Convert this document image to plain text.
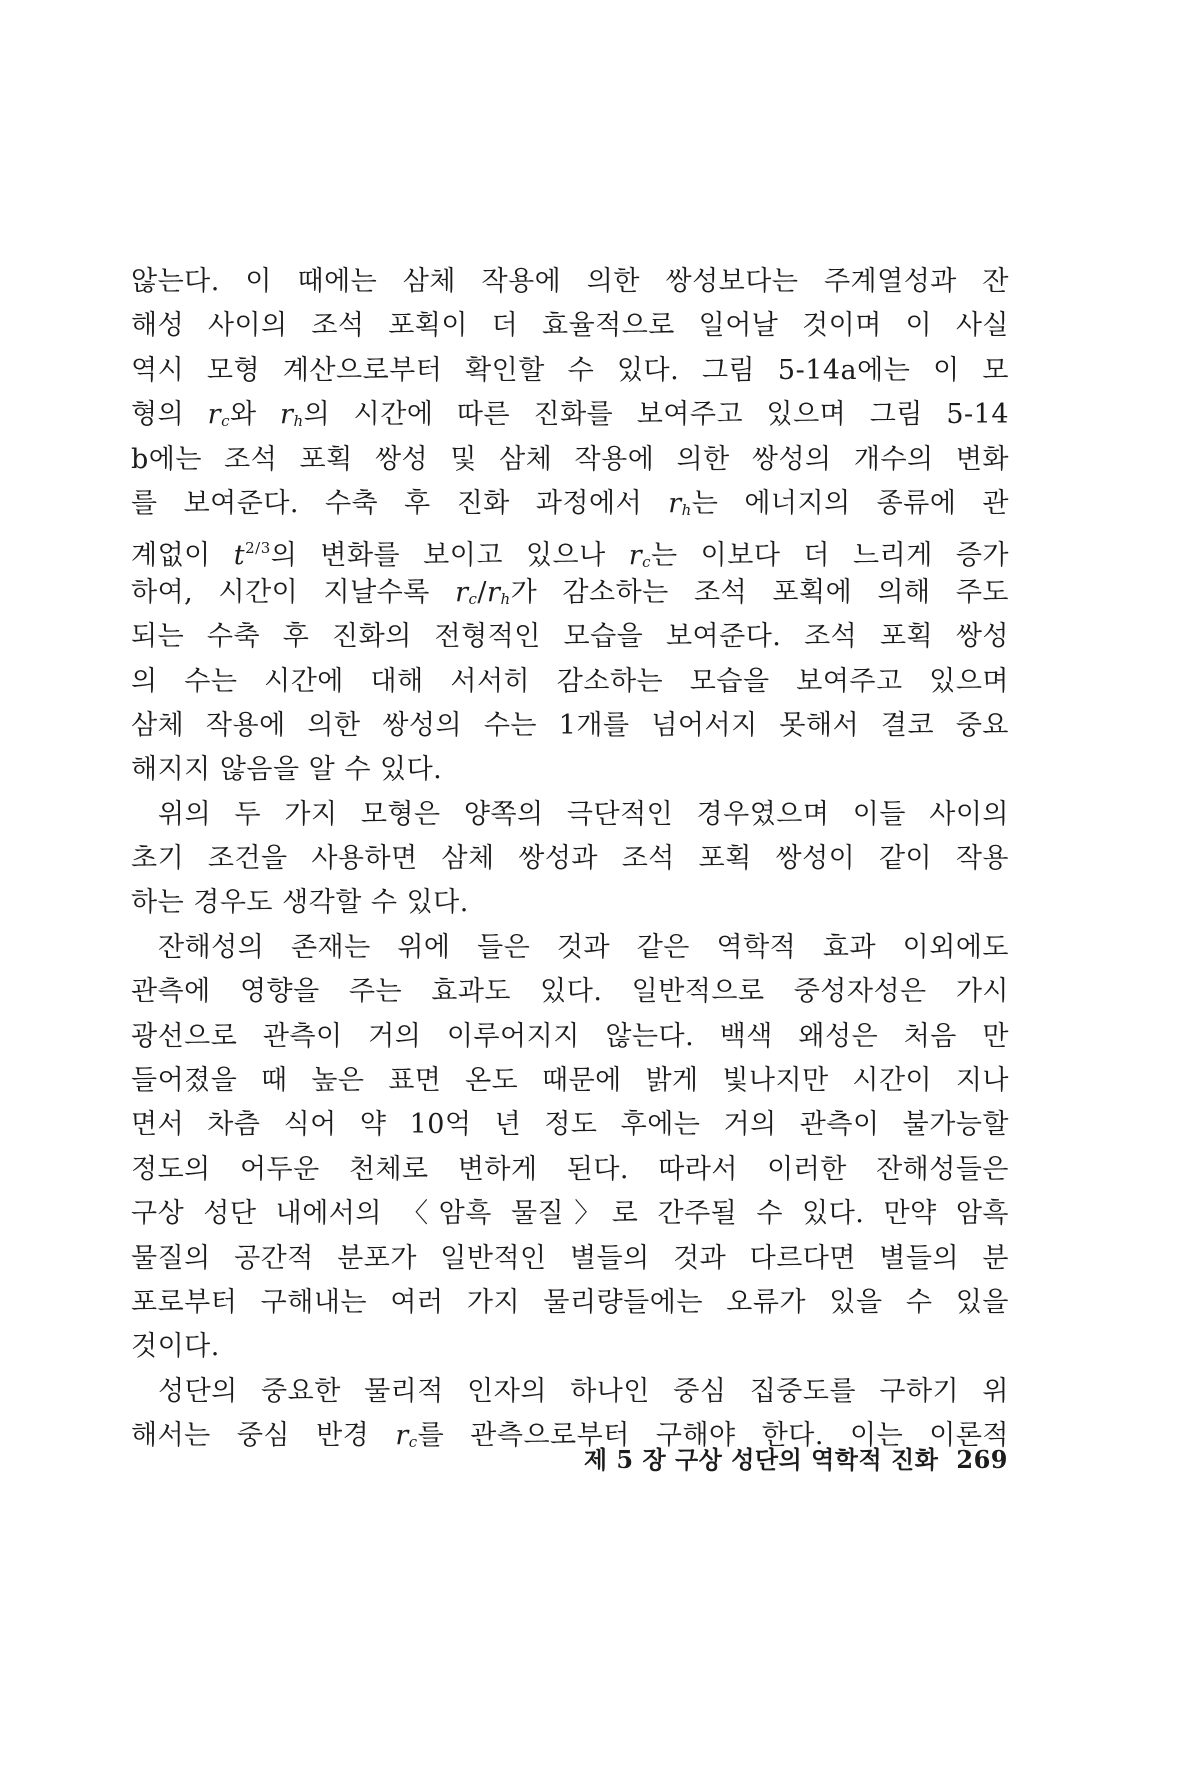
않는다. 이 때에는 삼체 작용에 의한 쌍성보다는 주계열성과 잔
해성 사이의 조석 포획이 더 효율적으로 일어날 것이며 이 사실
역시 모형 계산으로부터 확인할 수 있다. 그림 5-14a에는 이 모
형의 $r_c$와 $r_h$의 시간에 따른 진화를 보여주고 있으며 그림 5-14
b에는 조석 포획 쌍성 및 삼체 작용에 의한 쌍성의 개수의 변화
를 보여준다. 수축 후 진화 과정에서 $r_h$는 에너지의 종류에 관
계없이 $t^{2/3}$의 변화를 보이고 있으나 $r_c$는 이보다 더 느리게 증가
하여, 시간이 지날수록 $r_c/r_h$가 감소하는 조석 포획에 의해 주도
되는 수축 후 진화의 전형적인 모습을 보여준다. 조석 포획 쌍성
의 수는 시간에 대해 서서히 감소하는 모습을 보여주고 있으며
삼체 작용에 의한 쌍성의 수는 1개를 넘어서지 못해서 결코 중요
해지지 않음을 알 수 있다.
위의 두 가지 모형은 양쪽의 극단적인 경우였으며 이들 사이의
초기 조건을 사용하면 삼체 쌍성과 조석 포획 쌍성이 같이 작용
하는 경우도 생각할 수 있다.
잔해성의 존재는 위에 들은 것과 같은 역학적 효과 이외에도
관측에 영향을 주는 효과도 있다. 일반적으로 중성자성은 가시
광선으로 관측이 거의 이루어지지 않는다. 백색 왜성은 처음 만
들어졌을 때 높은 표면 온도 때문에 밝게 빛나지만 시간이 지나
면서 차츰 식어 약 10억 년 정도 후에는 거의 관측이 불가능할
정도의 어두운 천체로 변하게 된다. 따라서 이러한 잔해성들은
구상 성단 내에서의 〈암흑 물질〉로 간주될 수 있다. 만약 암흑
물질의 공간적 분포가 일반적인 별들의 것과 다르다면 별들의 분
포로부터 구해내는 여러 가지 물리량들에는 오류가 있을 수 있을
것이다.
성단의 중요한 물리적 인자의 하나인 중심 집중도를 구하기 위
해서는 중심 반경 $r_c$를 관측으로부터 구해야 한다. 이는 이론적
제 5 장 구상 성단의 역학적 진화 269
